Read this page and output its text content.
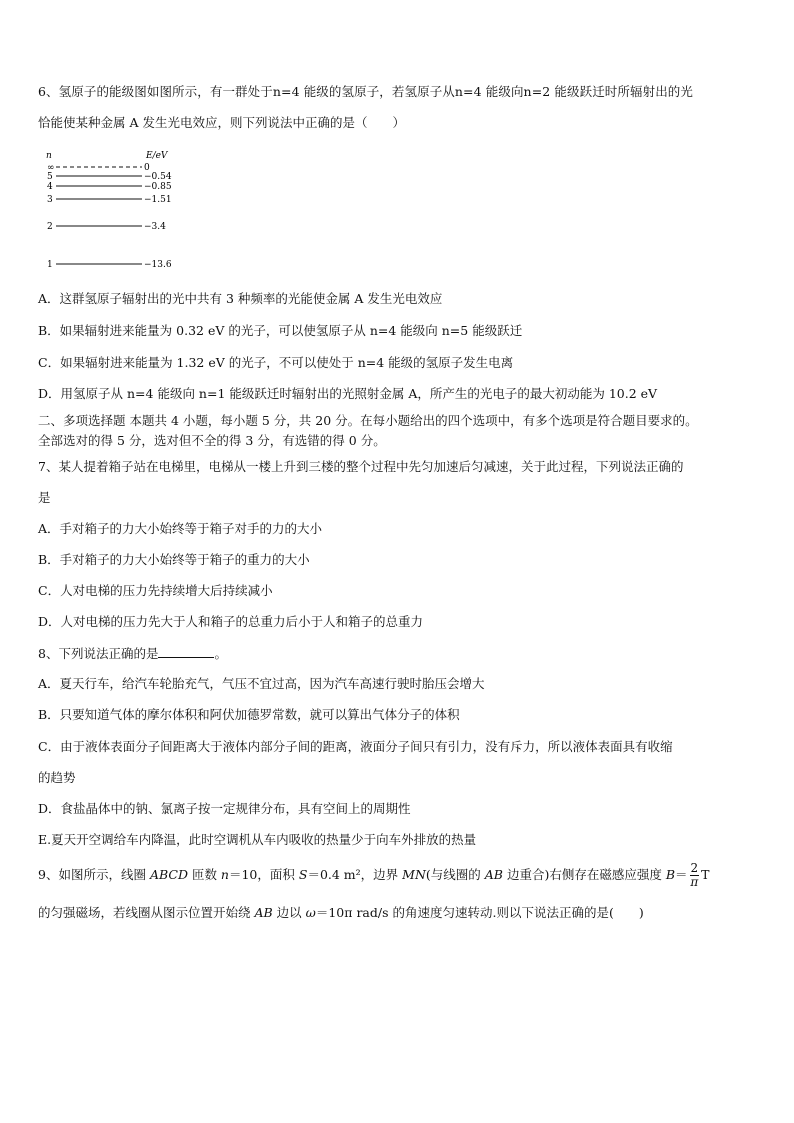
6、氢原子的能级图如图所示，有一群处于n=4 能级的氢原子，若氢原子从n=4 能级向n=2 能级跃迁时所辐射出的光
恰能使某种金属 A 发生光电效应，则下列说法中正确的是（　　）
n	E/eV
∞	0
5	−0.54
4	−0.85
3	−1.51
2	−3.4
1	−13.6
A．这群氢原子辐射出的光中共有 3 种频率的光能使金属 A 发生光电效应
B．如果辐射进来能量为 0.32 eV 的光子，可以使氢原子从 n=4 能级向 n=5 能级跃迁
C．如果辐射进来能量为 1.32 eV 的光子，不可以使处于 n=4 能级的氢原子发生电离
D．用氢原子从 n=4 能级向 n=1 能级跃迁时辐射出的光照射金属 A，所产生的光电子的最大初动能为 10.2 eV
二、多项选择题 本题共 4 小题，每小题 5 分，共 20 分。在每小题给出的四个选项中，有多个选项是符合题目要求的。
全部选对的得 5 分，选对但不全的得 3 分，有选错的得 0 分。
7、某人提着箱子站在电梯里，电梯从一楼上升到三楼的整个过程中先匀加速后匀减速，关于此过程，下列说法正确的
是
A．手对箱子的力大小始终等于箱子对手的力的大小
B．手对箱子的力大小始终等于箱子的重力的大小
C．人对电梯的压力先持续增大后持续减小
D．人对电梯的压力先大于人和箱子的总重力后小于人和箱子的总重力
8、下列说法正确的是	。
A．夏天行车，给汽车轮胎充气，气压不宜过高，因为汽车高速行驶时胎压会增大
B．只要知道气体的摩尔体积和阿伏加德罗常数，就可以算出气体分子的体积
C．由于液体表面分子间距离大于液体内部分子间的距离，液面分子间只有引力，没有斥力，所以液体表面具有收缩
的趋势
D．食盐晶体中的钠、氯离子按一定规律分布，具有空间上的周期性
E.夏天开空调给车内降温，此时空调机从车内吸收的热量少于向车外排放的热量
9、如图所示，线圈 ABCD 匝数 n＝10，面积 S＝0.4 m²，边界 MN(与线圈的 AB 边重合)右侧存在磁感应强度 $B= \frac{2}{\pi}$ T
的匀强磁场，若线圈从图示位置开始绕 AB 边以 ω＝10π rad/s 的角速度匀速转动.则以下说法正确的是(　　)
